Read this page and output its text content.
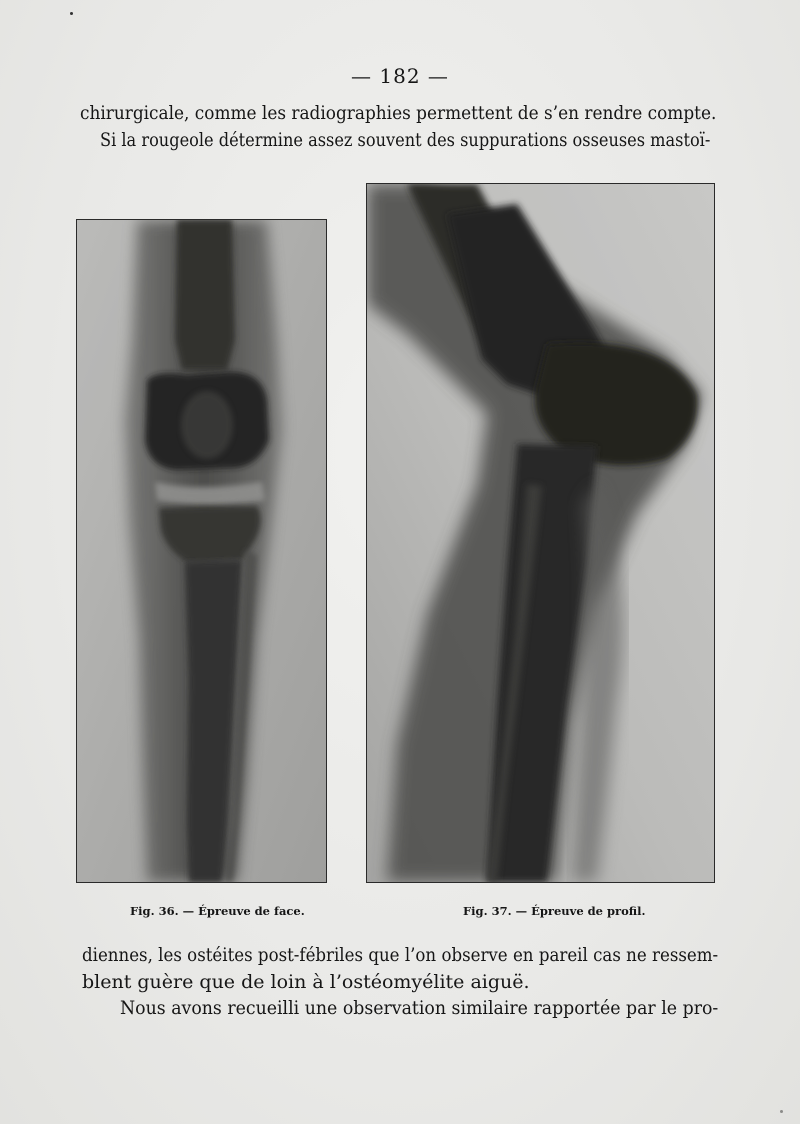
— 182 —
chirurgicale, comme les radiographies permettent de s’en rendre compte.
Si la rougeole détermine assez souvent des suppurations osseuses mastoï-
Fig. 36. — Épreuve de face.	Fig. 37. — Épreuve de profil.
diennes, les ostéites post-fébriles que l’on observe en pareil cas ne ressem-
blent guère que de loin à l’ostéomyélite aiguë.
Nous avons recueilli une observation similaire rapportée par le pro-
